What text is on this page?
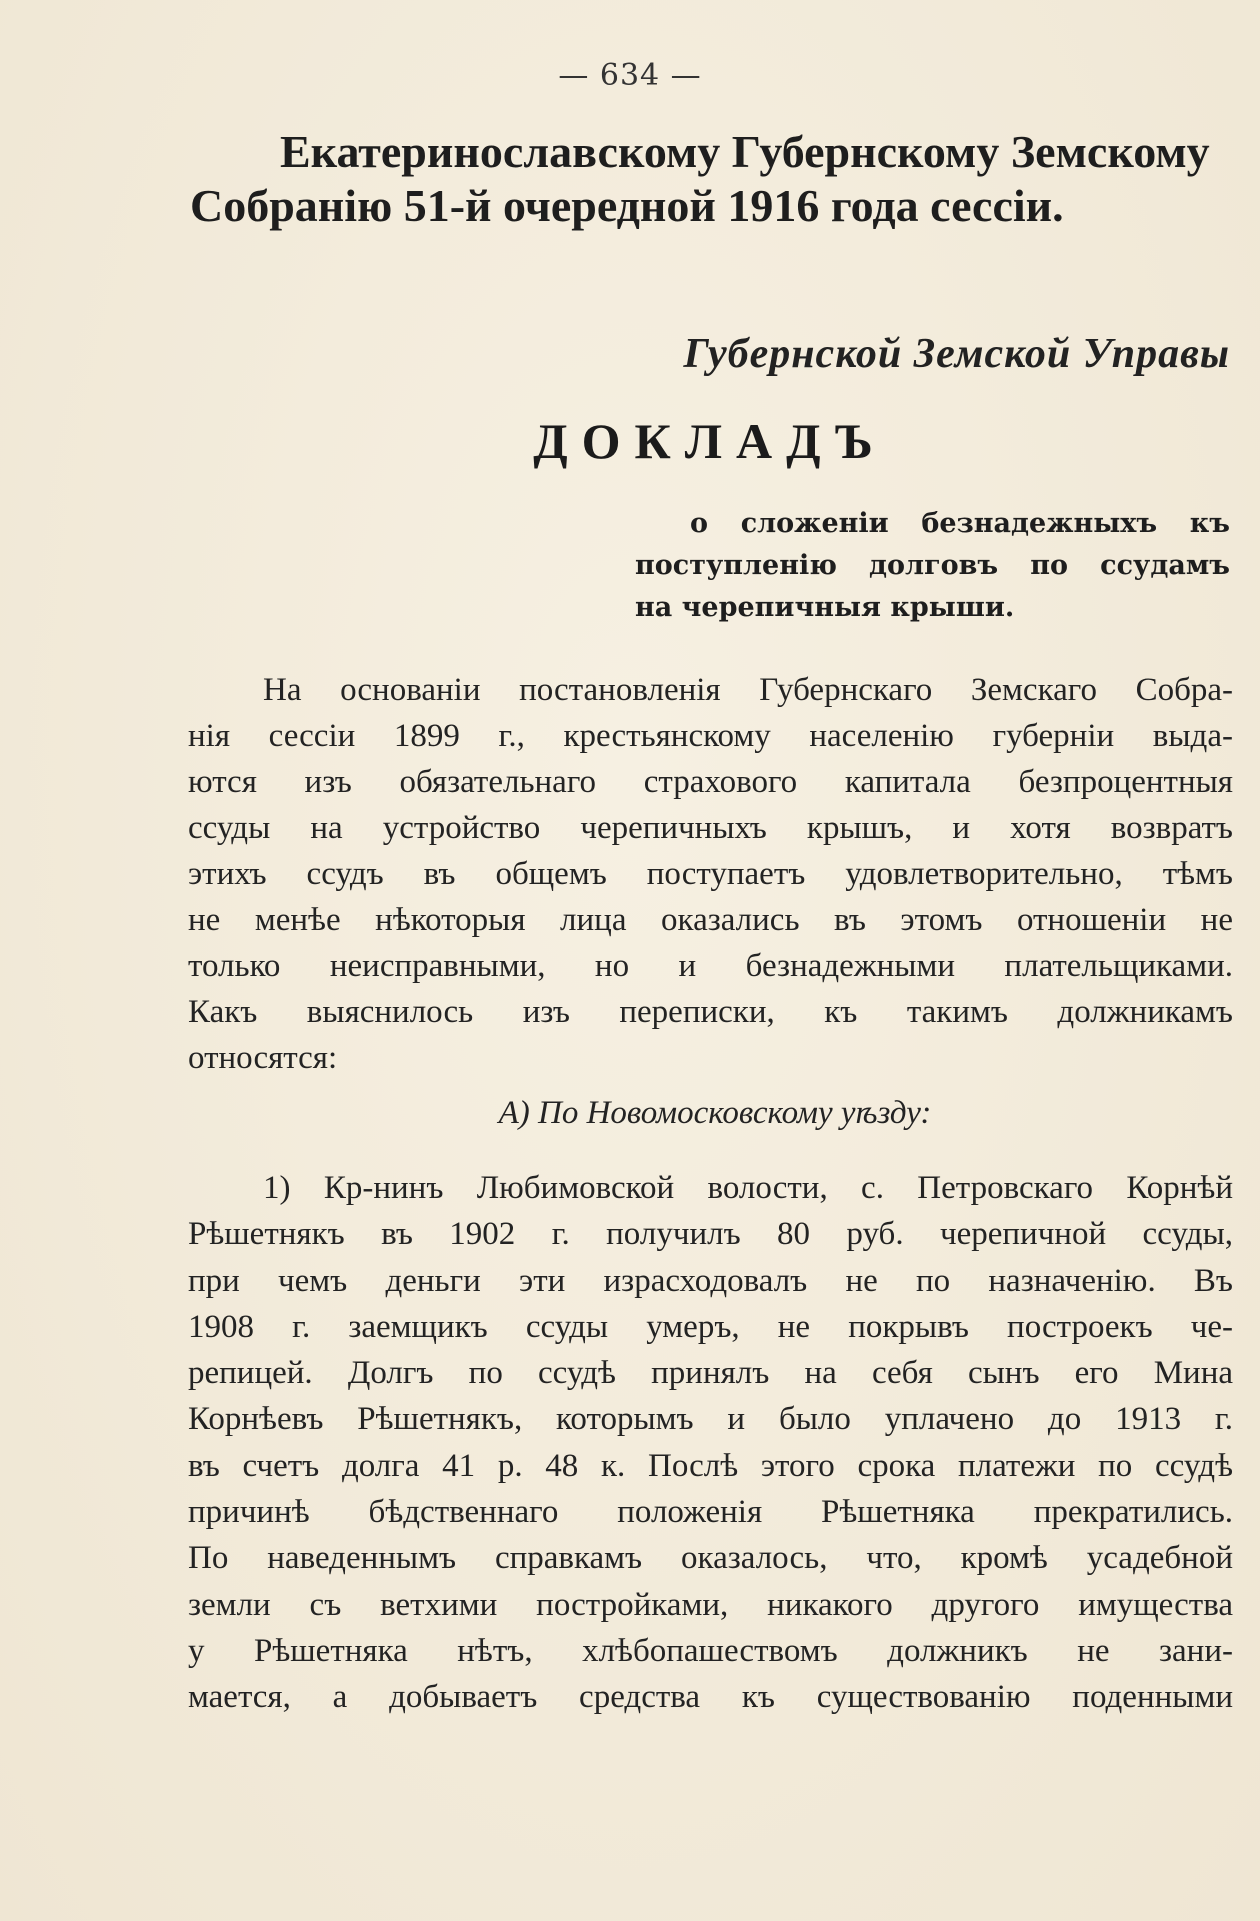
— 634 —
Екатеринославскому Губернскому Земскому
Собранію 51-й очередной 1916 года сессіи.
Губернской Земской Управы
ДОКЛАДЪ
о сложеніи безнадежныхъ къ
поступленію долговъ по ссудамъ
на черепичныя крыши.
На основаніи постановленія Губернскаго Земскаго Собра-
нія сессіи 1899 г., крестьянскому населенію губерніи выда-
ются изъ обязательнаго страхового капитала безпроцентныя
ссуды на устройство черепичныхъ крышъ, и хотя возвратъ
этихъ ссудъ въ общемъ поступаетъ удовлетворительно, тѣмъ
не менѣе нѣкоторыя лица оказались въ этомъ отношеніи не
только неисправными, но и безнадежными плательщиками.
Какъ выяснилось изъ переписки, къ такимъ должникамъ
относятся:
А) По Новомосковскому уѣзду:
1) Кр-нинъ Любимовской волости, с. Петровскаго Корнѣй
Рѣшетнякъ въ 1902 г. получилъ 80 руб. черепичной ссуды,
при чемъ деньги эти израсходовалъ не по назначенію. Въ
1908 г. заемщикъ ссуды умеръ, не покрывъ построекъ че-
репицей. Долгъ по ссудѣ принялъ на себя сынъ его Мина
Корнѣевъ Рѣшетнякъ, которымъ и было уплачено до 1913 г.
въ счетъ долга 41 р. 48 к. Послѣ этого срока платежи по ссудѣ
причинѣ бѣдственнаго положенія Рѣшетняка прекратились.
По наведеннымъ справкамъ оказалось, что, кромѣ усадебной
земли съ ветхими постройками, никакого другого имущества
у Рѣшетняка нѣтъ, хлѣбопашествомъ должникъ не зани-
мается, а добываетъ средства къ существованію поденными
